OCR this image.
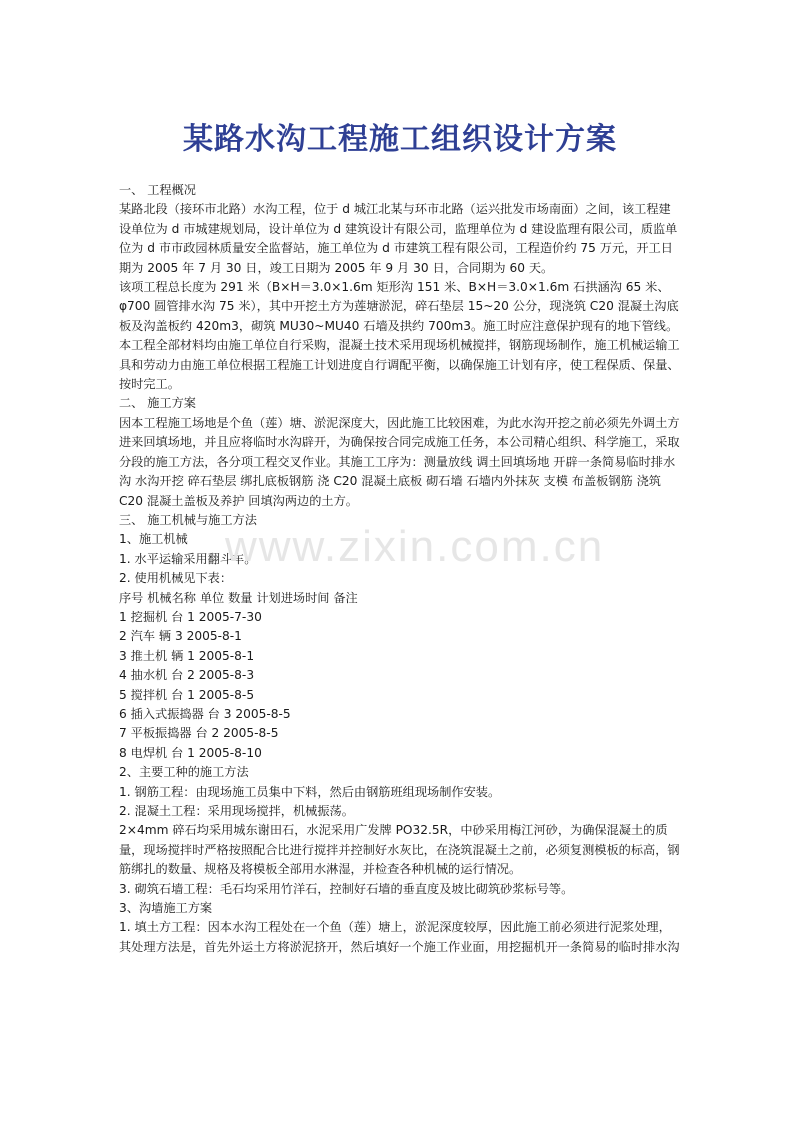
某路水沟工程施工组织设计方案

一、 工程概况

某路北段（接环市北路）水沟工程，位于 d 城江北某与环市北路（运兴批发市场南面）之间，该工程建设单位为 d 市城建规划局，设计单位为 d 建筑设计有限公司，监理单位为 d 建设监理有限公司，质监单位为 d 市市政园林质量安全监督站，施工单位为 d 市建筑工程有限公司，工程造价约 75 万元，开工日期为 2005 年 7 月 30 日，竣工日期为 2005 年 9 月 30 日，合同期为 60 天。

该项工程总长度为 291 米（B×H＝3.0×1.6m 矩形沟 151 米、B×H＝3.0×1.6m 石拱涵沟 65 米、φ700 圆管排水沟 75 米），其中开挖土方为莲塘淤泥，碎石垫层 15~20 公分，现浇筑 C20 混凝土沟底板及沟盖板约 420m3，砌筑 MU30~MU40 石墙及拱约 700m3。施工时应注意保护现有的地下管线。

本工程全部材料均由施工单位自行采购，混凝土技术采用现场机械搅拌，钢筋现场制作，施工机械运输工具和劳动力由施工单位根据工程施工计划进度自行调配平衡，以确保施工计划有序，使工程保质、保量、按时完工。

二、 施工方案

因本工程施工场地是个鱼（莲）塘、淤泥深度大，因此施工比较困难，为此水沟开挖之前必须先外调土方进来回填场地，并且应将临时水沟辟开，为确保按合同完成施工任务，本公司精心组织、科学施工，采取分段的施工方法，各分项工程交叉作业。其施工工序为：测量放线 调土回填场地 开辟一条简易临时排水沟 水沟开挖 碎石垫层 绑扎底板钢筋 浇 C20 混凝土底板 砌石墙 石墙内外抹灰 支模 布盖板钢筋 浇筑 C20 混凝土盖板及养护 回填沟两边的土方。

三、 施工机械与施工方法

1、施工机械

1. 水平运输采用翻斗车。

2. 使用机械见下表：

序号 机械名称 单位 数量 计划进场时间 备注

1 挖掘机 台 1 2005-7-30

2 汽车 辆 3 2005-8-1

3 推土机 辆 1 2005-8-1

4 抽水机 台 2 2005-8-3

5 搅拌机 台 1 2005-8-5

6 插入式振捣器 台 3 2005-8-5

7 平板振捣器 台 2 2005-8-5

8 电焊机 台 1 2005-8-10

2、主要工种的施工方法

1. 钢筋工程：由现场施工员集中下料，然后由钢筋班组现场制作安装。

2. 混凝土工程：采用现场搅拌，机械振荡。

2×4mm 碎石均采用城东谢田石，水泥采用广发牌 PO32.5R，中砂采用梅江河砂，为确保混凝土的质量，现场搅拌时严格按照配合比进行搅拌并控制好水灰比，在浇筑混凝土之前，必须复测模板的标高，钢筋绑扎的数量、规格及将模板全部用水淋湿，并检查各种机械的运行情况。

3. 砌筑石墙工程：毛石均采用竹洋石，控制好石墙的垂直度及坡比砌筑砂浆标号等。

3、沟墙施工方案

1. 填土方工程：因本水沟工程处在一个鱼（莲）塘上，淤泥深度较厚，因此施工前必须进行泥浆处理，其处理方法是，首先外运土方将淤泥挤开，然后填好一个施工作业面，用挖掘机开一条简易的临时排水沟

www.zixin.com.cn
